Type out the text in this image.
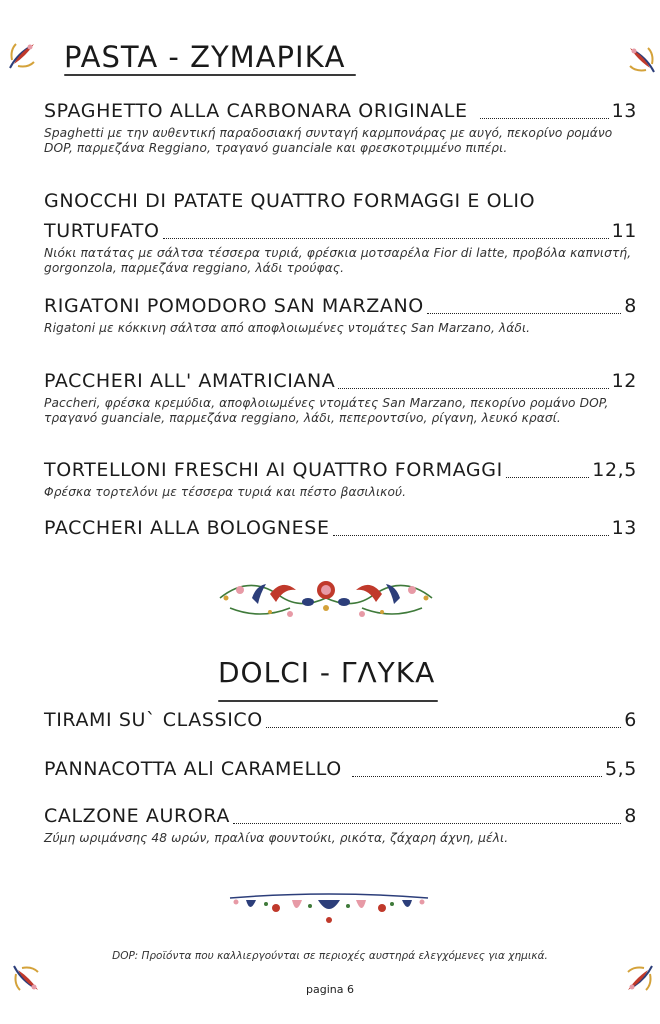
PASTA - ΖΥΜΑΡΙΚΑ
SPAGHETTO ALLA CARBONARA ORIGINALE	13
Spaghetti με την αυθεντική παραδοσιακή συνταγή καρμπονάρας με αυγό, πεκορίνο ρομάνο DOP, παρμεζάνα Reggiano, τραγανό guanciale και φρεσκοτριμμένο πιπέρι.
GNOCCHI DI PATATE QUATTRO FORMAGGI E OLIO
TURTUFATO	11
Νιόκι πατάτας με σάλτσα τέσσερα τυριά, φρέσκια μοτσαρέλα Fior di latte, προβόλα καπνιστή, gorgonzola, παρμεζάνα reggiano, λάδι τρούφας.
RIGATONI POMODORO SAN MARZANO	8
Rigatoni με κόκκινη σάλτσα από αποφλοιωμένες ντομάτες San Marzano, λάδι.
PACCHERI ALL' AMATRICIANA	12
Paccheri, φρέσκα κρεμύδια, αποφλοιωμένες ντομάτες San Marzano, πεκορίνο ρομάνο DOP, τραγανό guanciale, παρμεζάνα reggiano, λάδι, πεπεροντσίνο, ρίγανη, λευκό κρασί.
TORTELLONI FRESCHI AI QUATTRO FORMAGGI	12,5
Φρέσκα τορτελόνι με τέσσερα τυριά και πέστο βασιλικού.
PACCHERI ALLA BOLOGNESE	13
DOLCI - ΓΛΥΚΑ
TIRAMI SU` CLASSICO	6
PANNACOTTA ALl CARAMELLO	5,5
CALZONE AURORA	8
Ζύμη ωριμάνσης 48 ωρών, πραλίνα φουντούκι, ρικότα, ζάχαρη άχνη, μέλι.
DOP: Προϊόντα που καλλιεργούνται σε περιοχές αυστηρά ελεγχόμενες για χημικά.
pagina 6
